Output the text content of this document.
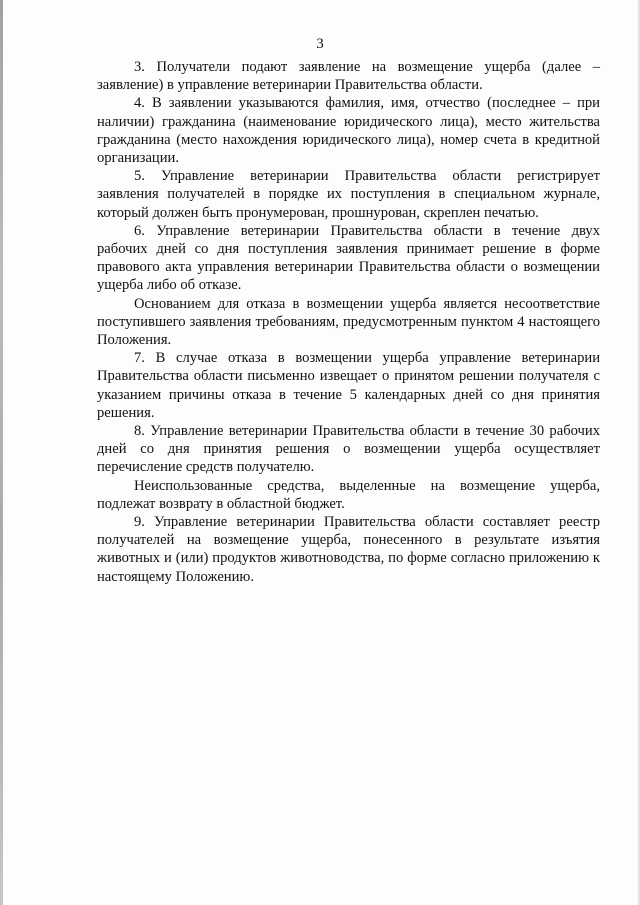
3

3. Получатели подают заявление на возмещение ущерба (далее – заявление) в управление ветеринарии Правительства области.

4. В заявлении указываются фамилия, имя, отчество (последнее – при наличии) гражданина (наименование юридического лица), место жительства гражданина (место нахождения юридического лица), номер счета в кредитной организации.

5. Управление ветеринарии Правительства области регистрирует заявления получателей в порядке их поступления в специальном журнале, который должен быть пронумерован, прошнурован, скреплен печатью.

6. Управление ветеринарии Правительства области в течение двух рабочих дней со дня поступления заявления принимает решение в форме правового акта управления ветеринарии Правительства области о возмещении ущерба либо об отказе.

Основанием для отказа в возмещении ущерба является несоответствие поступившего заявления требованиям, предусмотренным пунктом 4 настоящего Положения.

7. В случае отказа в возмещении ущерба управление ветеринарии Правительства области письменно извещает о принятом решении получателя с указанием причины отказа в течение 5 календарных дней со дня принятия решения.

8. Управление ветеринарии Правительства области в течение 30 рабочих дней со дня принятия решения о возмещении ущерба осуществляет перечисление средств получателю.

Неиспользованные средства, выделенные на возмещение ущерба, подлежат возврату в областной бюджет.

9. Управление ветеринарии Правительства области составляет реестр получателей на возмещение ущерба, понесенного в результате изъятия животных и (или) продуктов животноводства, по форме согласно приложению к настоящему Положению.
